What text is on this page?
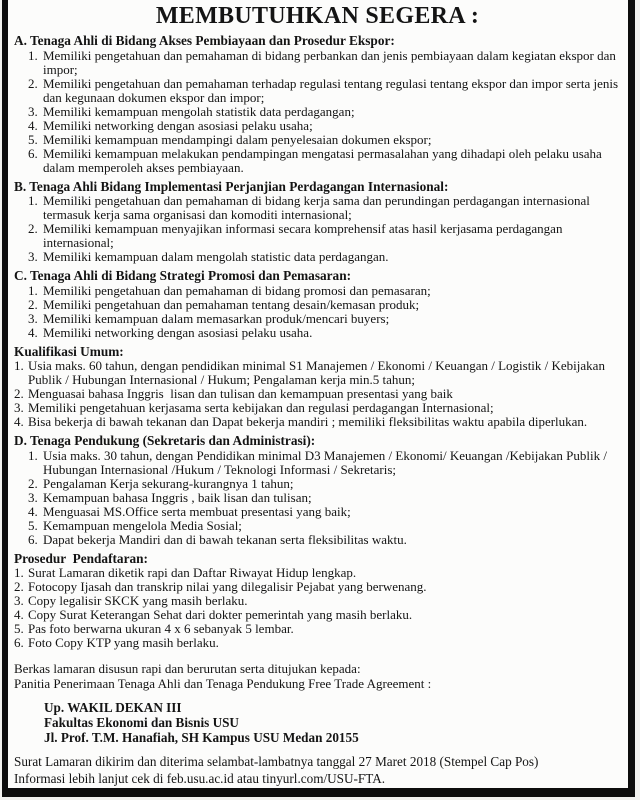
MEMBUTUHKAN SEGERA :
A. Tenaga Ahli di Bidang Akses Pembiayaan dan Prosedur Ekspor:
1. Memiliki pengetahuan dan pemahaman di bidang perbankan dan jenis pembiayaan dalam kegiatan ekspor dan impor;
2. Memiliki pengetahuan dan pemahaman terhadap regulasi tentang regulasi tentang ekspor dan impor serta jenis dan kegunaan dokumen ekspor dan impor;
3. Memiliki kemampuan mengolah statistik data perdagangan;
4. Memiliki networking dengan asosiasi pelaku usaha;
5. Memiliki kemampuan mendampingi dalam penyelesaian dokumen ekspor;
6. Memiliki kemampuan melakukan pendampingan mengatasi permasalahan yang dihadapi oleh pelaku usaha dalam memperoleh akses pembiayaan.
B. Tenaga Ahli Bidang Implementasi Perjanjian Perdagangan Internasional:
1. Memiliki pengetahuan dan pemahaman di bidang kerja sama dan perundingan perdagangan internasional termasuk kerja sama organisasi dan komoditi internasional;
2. Memiliki kemampuan menyajikan informasi secara komprehensif atas hasil kerjasama perdagangan internasional;
3. Memiliki kemampuan dalam mengolah statistic data perdagangan.
C. Tenaga Ahli di Bidang Strategi Promosi dan Pemasaran:
1. Memiliki pengetahuan dan pemahaman di bidang promosi dan pemasaran;
2. Memiliki pengetahuan dan pemahaman tentang desain/kemasan produk;
3. Memiliki kemampuan dalam memasarkan produk/mencari buyers;
4. Memiliki networking dengan asosiasi pelaku usaha.
Kualifikasi Umum:
1. Usia maks. 60 tahun, dengan pendidikan minimal S1 Manajemen / Ekonomi / Keuangan / Logistik / Kebijakan Publik / Hubungan Internasional / Hukum; Pengalaman kerja min.5 tahun;
2. Menguasai bahasa Inggris  lisan dan tulisan dan kemampuan presentasi yang baik
3. Memiliki pengetahuan kerjasama serta kebijakan dan regulasi perdagangan Internasional;
4. Bisa bekerja di bawah tekanan dan Dapat bekerja mandiri ; memiliki fleksibilitas waktu apabila diperlukan.
D. Tenaga Pendukung (Sekretaris dan Administrasi):
1. Usia maks. 30 tahun, dengan Pendidikan minimal D3 Manajemen / Ekonomi/ Keuangan /Kebijakan Publik / Hubungan Internasional /Hukum / Teknologi Informasi / Sekretaris;
2. Pengalaman Kerja sekurang-kurangnya 1 tahun;
3. Kemampuan bahasa Inggris , baik lisan dan tulisan;
4. Menguasai MS.Office serta membuat presentasi yang baik;
5. Kemampuan mengelola Media Sosial;
6. Dapat bekerja Mandiri dan di bawah tekanan serta fleksibilitas waktu.
Prosedur  Pendaftaran:
1. Surat Lamaran diketik rapi dan Daftar Riwayat Hidup lengkap.
2. Fotocopy Ijasah dan transkrip nilai yang dilegalisir Pejabat yang berwenang.
3. Copy legalisir SKCK yang masih berlaku.
4. Copy Surat Keterangan Sehat dari dokter pemerintah yang masih berlaku.
5. Pas foto berwarna ukuran 4 x 6 sebanyak 5 lembar.
6. Foto Copy KTP yang masih berlaku.

Berkas lamaran disusun rapi dan berurutan serta ditujukan kepada:

Panitia Penerimaan Tenaga Ahli dan Tenaga Pendukung Free Trade Agreement :

Up. WAKIL DEKAN III

Fakultas Ekonomi dan Bisnis USU

Jl. Prof. T.M. Hanafiah, SH Kampus USU Medan 20155

Surat Lamaran dikirim dan diterima selambat-lambatnya tanggal 27 Maret 2018 (Stempel Cap Pos)

Informasi lebih lanjut cek di feb.usu.ac.id atau tinyurl.com/USU-FTA.
